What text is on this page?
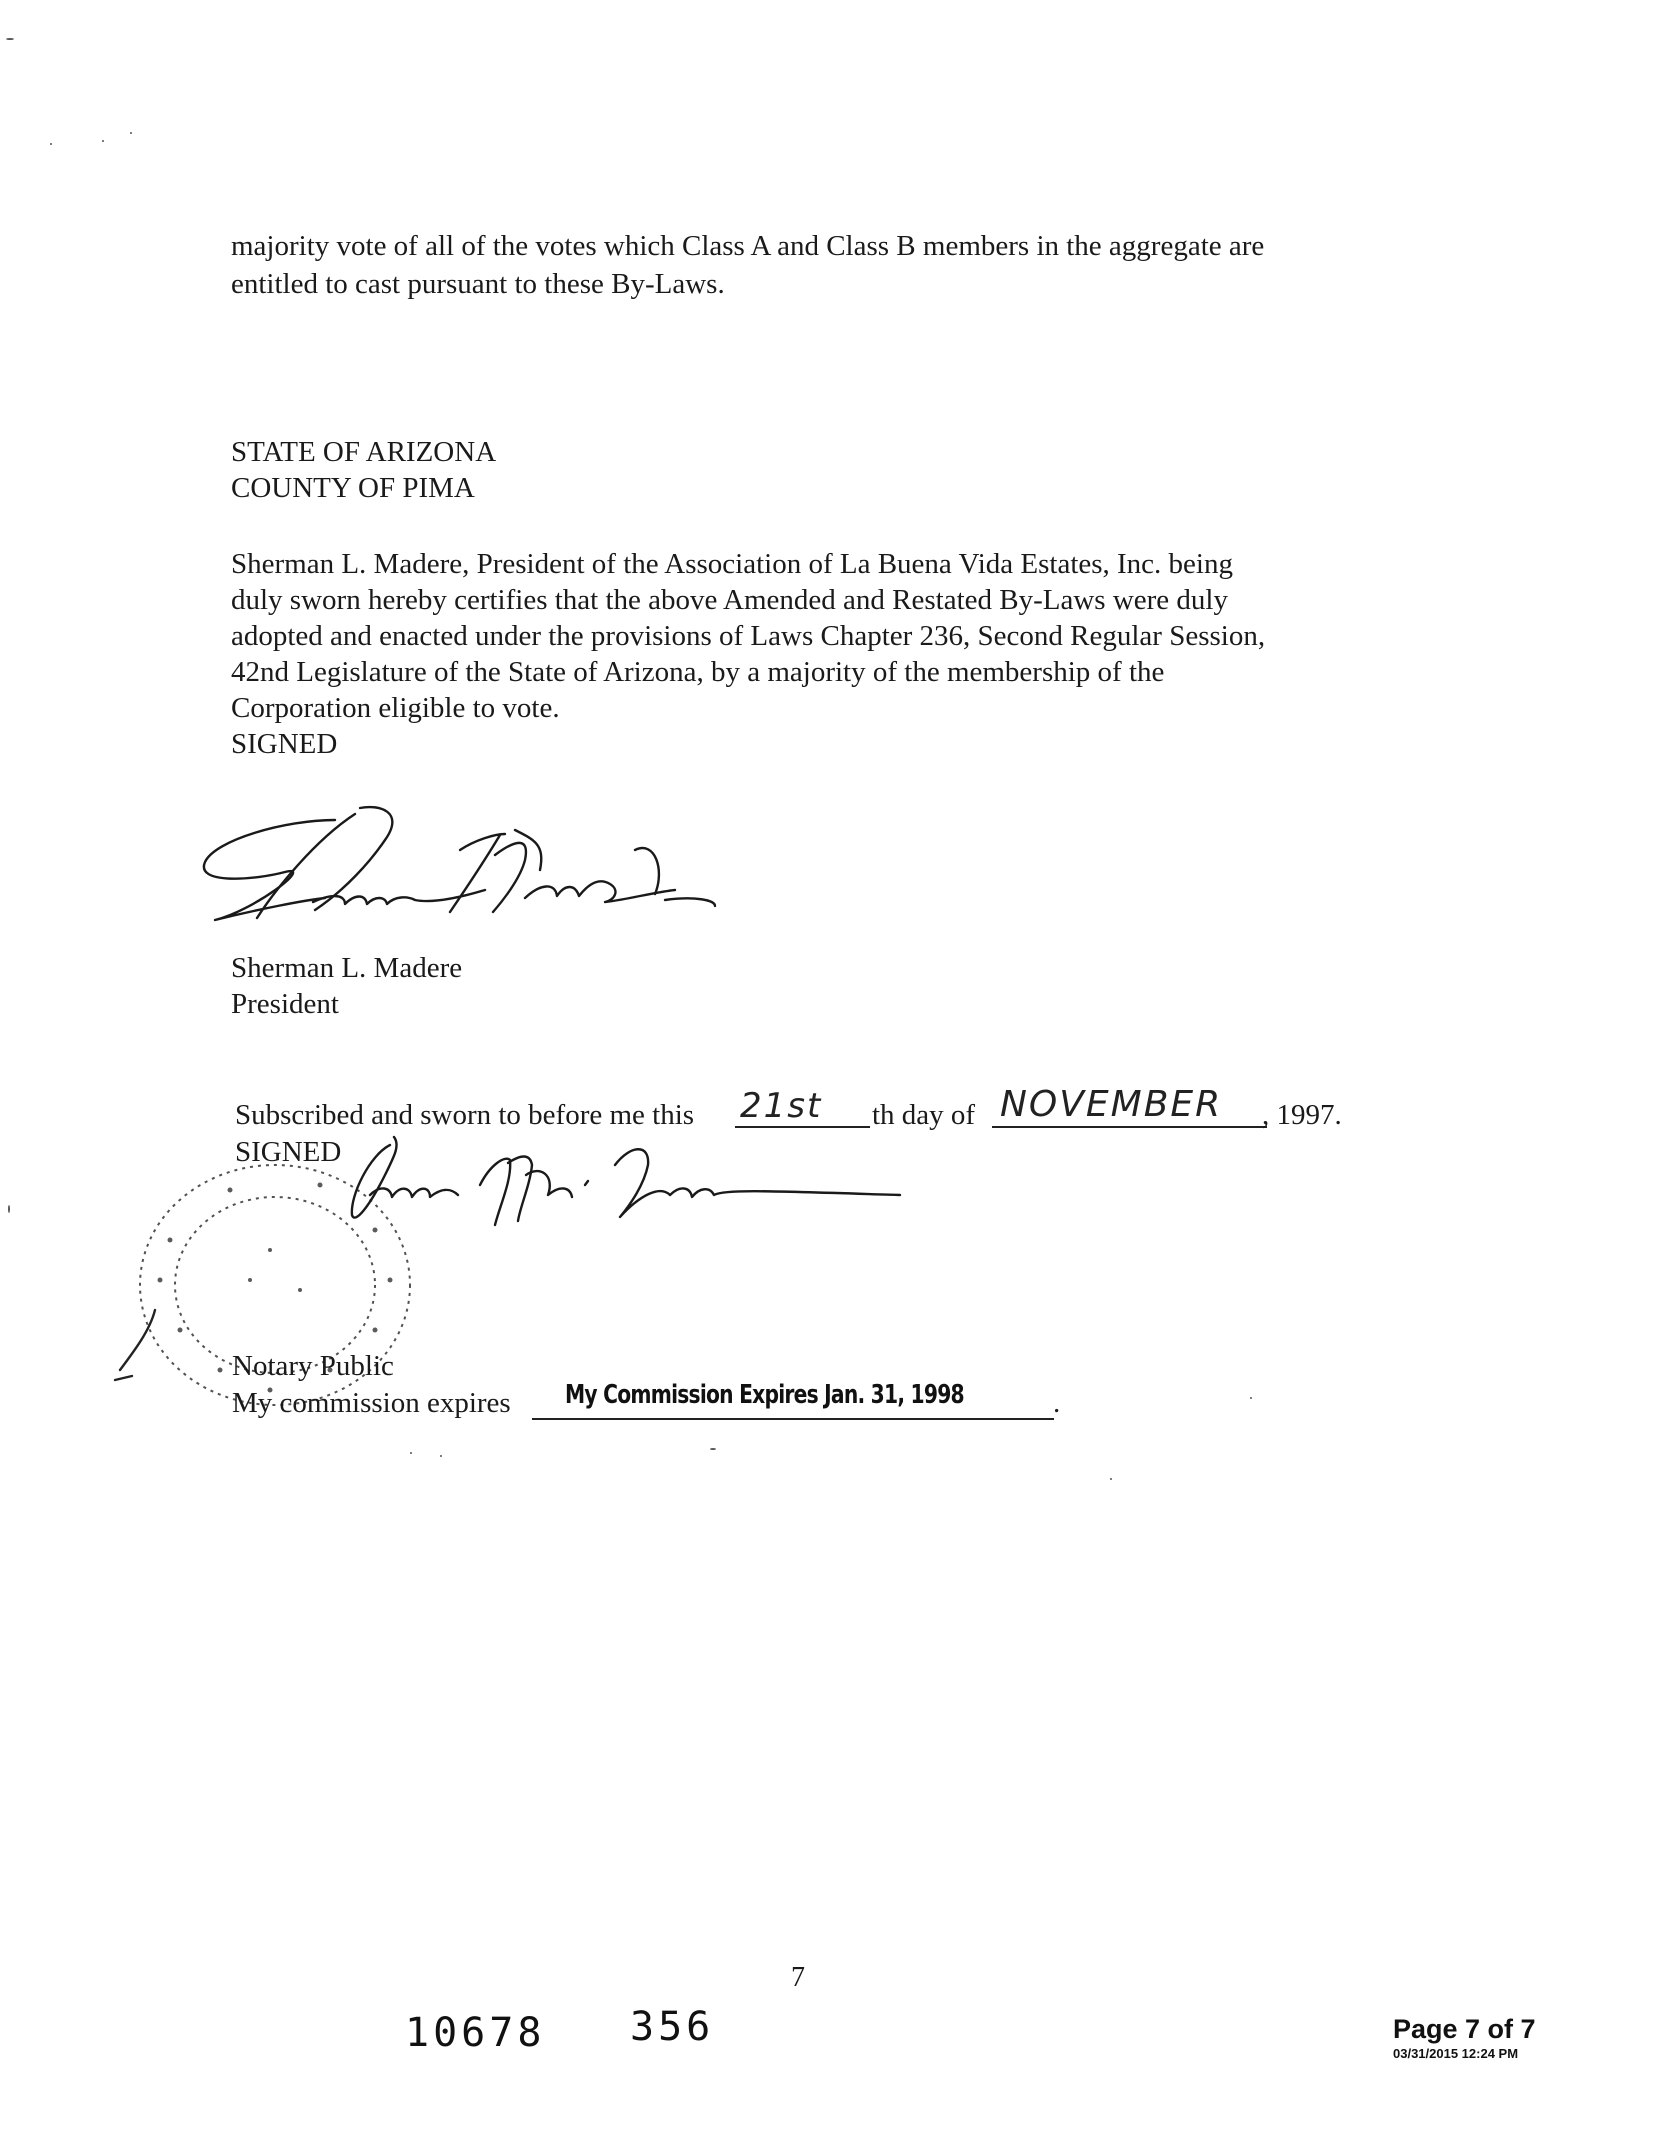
majority vote of all of the votes which Class A and Class B members in the aggregate are
entitled to cast pursuant to these By-Laws.
STATE OF ARIZONA
COUNTY OF PIMA
Sherman L. Madere, President of the Association of La Buena Vida Estates, Inc. being
duly sworn hereby certifies that the above Amended and Restated By-Laws were duly
adopted and enacted under the provisions of Laws Chapter 236, Second Regular Session,
42nd Legislature of the State of Arizona, by a majority of the membership of the
Corporation eligible to vote.
SIGNED
Sherman L. Madere
President
Subscribed and sworn to before me this 21st th day of NOVEMBER , 1997.
SIGNED
Notary Public
My commission expires My Commission Expires Jan. 31, 1998	.
7
10678 356	Page 7 of 7
03/31/2015 12:24 PM
